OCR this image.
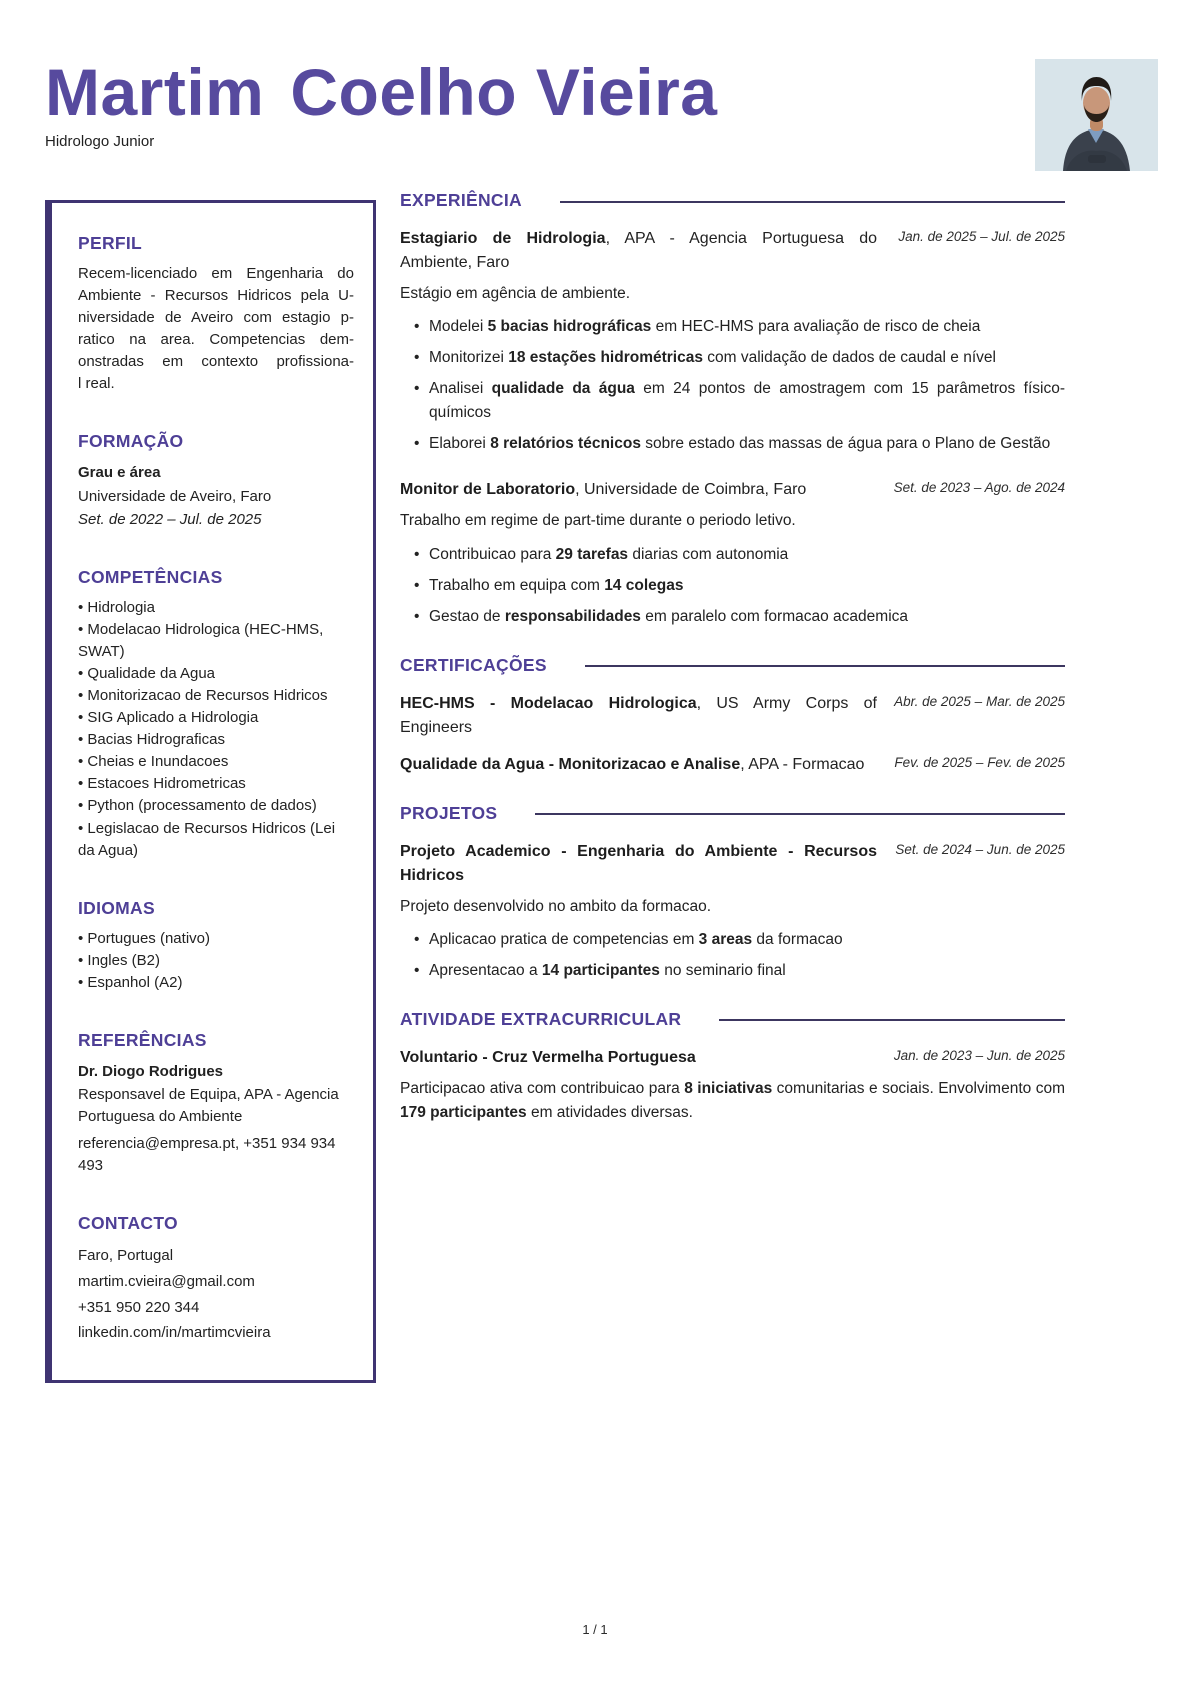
Martim Coelho Vieira
Hidrologo Junior
PERFIL
Recem-licenciado em Engenharia do
Ambiente - Recursos Hidricos pela U-
niversidade de Aveiro com estagio p-
ratico na area. Competencias dem-
onstradas em contexto profissiona-
l real.
FORMAÇÃO
Grau e área
Universidade de Aveiro, Faro
Set. de 2022 – Jul. de 2025
COMPETÊNCIAS
• Hidrologia
• Modelacao Hidrologica (HEC-HMS, SWAT)
• Qualidade da Agua
• Monitorizacao de Recursos Hidricos
• SIG Aplicado a Hidrologia
• Bacias Hidrograficas
• Cheias e Inundacoes
• Estacoes Hidrometricas
• Python (processamento de dados)
• Legislacao de Recursos Hidricos (Lei da Agua)
IDIOMAS
• Portugues (nativo)
• Ingles (B2)
• Espanhol (A2)
REFERÊNCIAS
Dr. Diogo Rodrigues
Responsavel de Equipa, APA - Agencia Portuguesa do Ambiente
referencia@empresa.pt, +351 934 934 493
CONTACTO
Faro, Portugal
martim.cvieira@gmail.com
+351 950 220 344
linkedin.com/in/martimcvieira
EXPERIÊNCIA
Estagiario de Hidrologia, APA - Agencia Portuguesa do Ambiente, Faro
Jan. de 2025 – Jul. de 2025
Estágio em agência de ambiente.
• Modelei 5 bacias hidrográficas em HEC-HMS para avaliação de risco de cheia
• Monitorizei 18 estações hidrométricas com validação de dados de caudal e nível
• Analisei qualidade da água em 24 pontos de amostragem com 15 parâmetros físico-químicos
• Elaborei 8 relatórios técnicos sobre estado das massas de água para o Plano de Gestão
Monitor de Laboratorio, Universidade de Coimbra, Faro	Set. de 2023 – Ago. de 2024
Trabalho em regime de part-time durante o periodo letivo.
• Contribuicao para 29 tarefas diarias com autonomia
• Trabalho em equipa com 14 colegas
• Gestao de responsabilidades em paralelo com formacao academica
CERTIFICAÇÕES
HEC-HMS - Modelacao Hidrologica, US Army Corps of Engineers
Abr. de 2025 – Mar. de 2025
Qualidade da Agua - Monitorizacao e Analise, APA - Formacao	Fev. de 2025 – Fev. de 2025
PROJETOS
Projeto Academico - Engenharia do Ambiente - Recursos Hidricos
Set. de 2024 – Jun. de 2025
Projeto desenvolvido no ambito da formacao.
• Aplicacao pratica de competencias em 3 areas da formacao
• Apresentacao a 14 participantes no seminario final
ATIVIDADE EXTRACURRICULAR
Voluntario - Cruz Vermelha Portuguesa	Jan. de 2023 – Jun. de 2025
Participacao ativa com contribuicao para 8 iniciativas comunitarias e sociais. Envolvimento com 179 participantes em atividades diversas.
1 / 1
